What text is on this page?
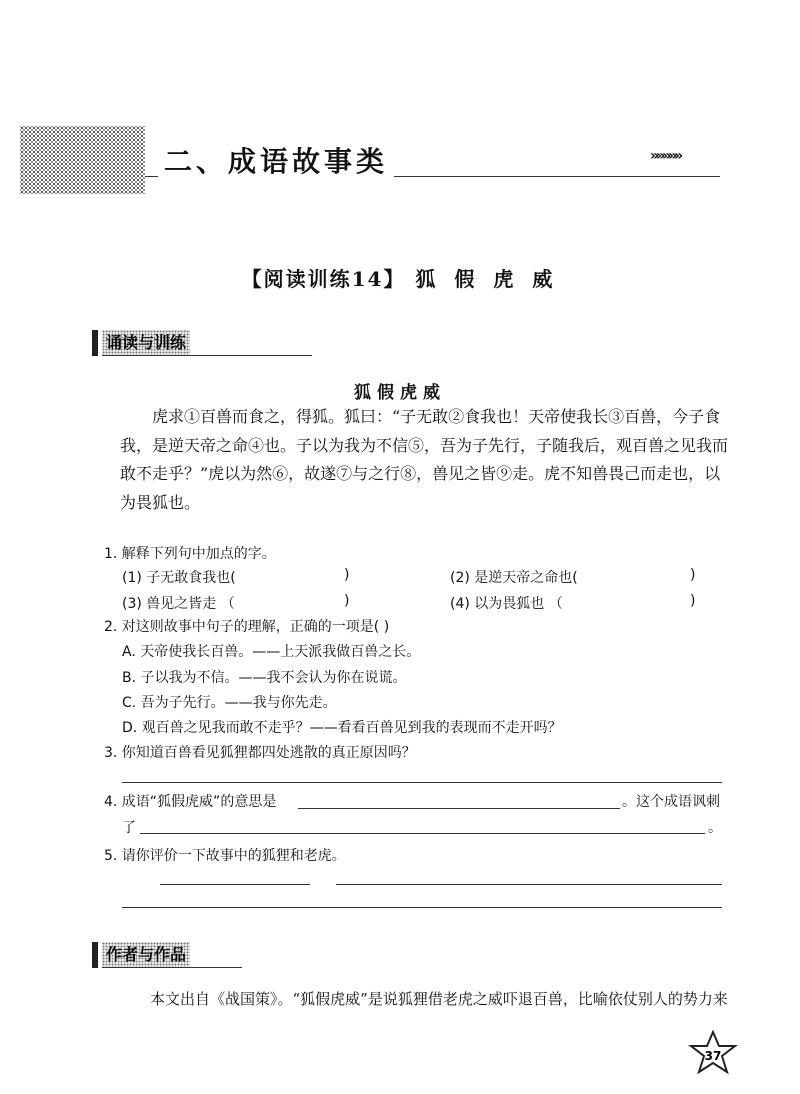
二、成语故事类	»»»»»
【阅读训练14】 狐 假 虎 威
诵读与训练
狐假虎威

虎求①百兽而食之，得狐。狐曰：“子无敢②食我也！天帝使我长③百兽，今子食我，是逆天帝之命④也。子以为我为不信⑤，吾为子先行，子随我后，观百兽之见我而敢不走乎？”虎以为然⑥，故遂⑦与之行⑧，兽见之皆⑨走。虎不知兽畏己而走也，以为畏狐也。

1. 解释下列句中加点的字。
(1) 子无敢食我也(	)	(2) 是逆天帝之命也(	)
(3) 兽见之皆走 （	)	(4) 以为畏狐也 （	)
2. 对这则故事中句子的理解，正确的一项是( )
A. 天帝使我长百兽。——上天派我做百兽之长。
B. 子以我为不信。——我不会认为你在说谎。
C. 吾为子先行。——我与你先走。
D. 观百兽之见我而敢不走乎？——看看百兽见到我的表现而不走开吗？
3. 你知道百兽看见狐狸都四处逃散的真正原因吗？
4. 成语“狐假虎威”的意思是	。这个成语讽刺
了	。
5. 请你评价一下故事中的狐狸和老虎。
作者与作品
本文出自《战国策》。“狐假虎威”是说狐狸借老虎之威吓退百兽，比喻依仗别人的势力来
37
